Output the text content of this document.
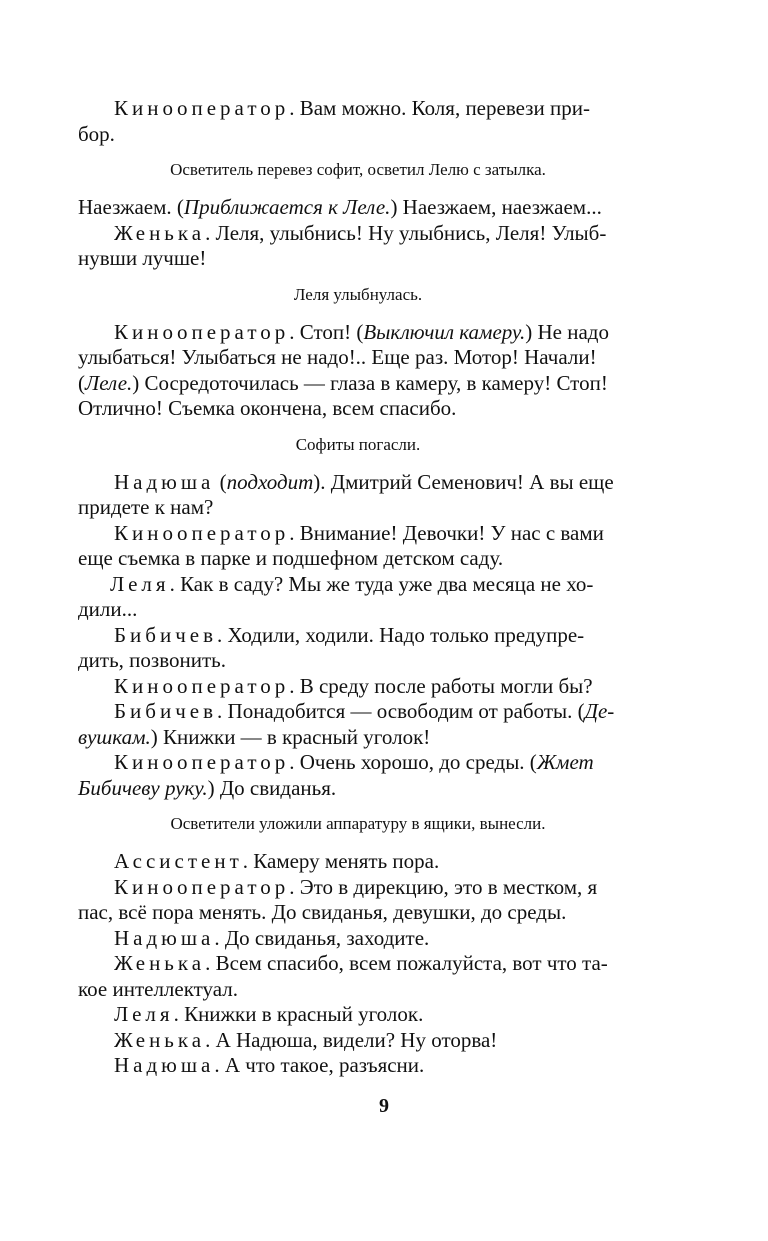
Кинооператор. Вам можно. Коля, перевези при-
бор.
Осветитель перевез софит, осветил Лелю с затылка.
Наезжаем. (Приближается к Леле.) Наезжаем, наезжаем...
Женька. Леля, улыбнись! Ну улыбнись, Леля! Улыб-
нувши лучше!
Леля улыбнулась.
Кинооператор. Стоп! (Выключил камеру.) Не надо
улыбаться! Улыбаться не надо!.. Еще раз. Мотор! Начали!
(Леле.) Сосредоточилась — глаза в камеру, в камеру! Стоп!
Отлично! Съемка окончена, всем спасибо.
Софиты погасли.
Надюша (подходит). Дмитрий Семенович! А вы еще
придете к нам?
Кинооператор. Внимание! Девочки! У нас с вами
еще съемка в парке и подшефном детском саду.
Леля. Как в саду? Мы же туда уже два месяца не хо-
дили...
Бибичев. Ходили, ходили. Надо только предупре-
дить, позвонить.
Кинооператор. В среду после работы могли бы?
Бибичев. Понадобится — освободим от работы. (Де-
вушкам.) Книжки — в красный уголок!
Кинооператор. Очень хорошо, до среды. (Жмет
Бибичеву руку.) До свиданья.
Осветители уложили аппаратуру в ящики, вынесли.
Ассистент. Камеру менять пора.
Кинооператор. Это в дирекцию, это в местком, я
пас, всё пора менять. До свиданья, девушки, до среды.
Надюша. До свиданья, заходите.
Женька. Всем спасибо, всем пожалуйста, вот что та-
кое интеллектуал.
Леля. Книжки в красный уголок.
Женька. А Надюша, видели? Ну оторва!
Надюша. А что такое, разъясни.
9
